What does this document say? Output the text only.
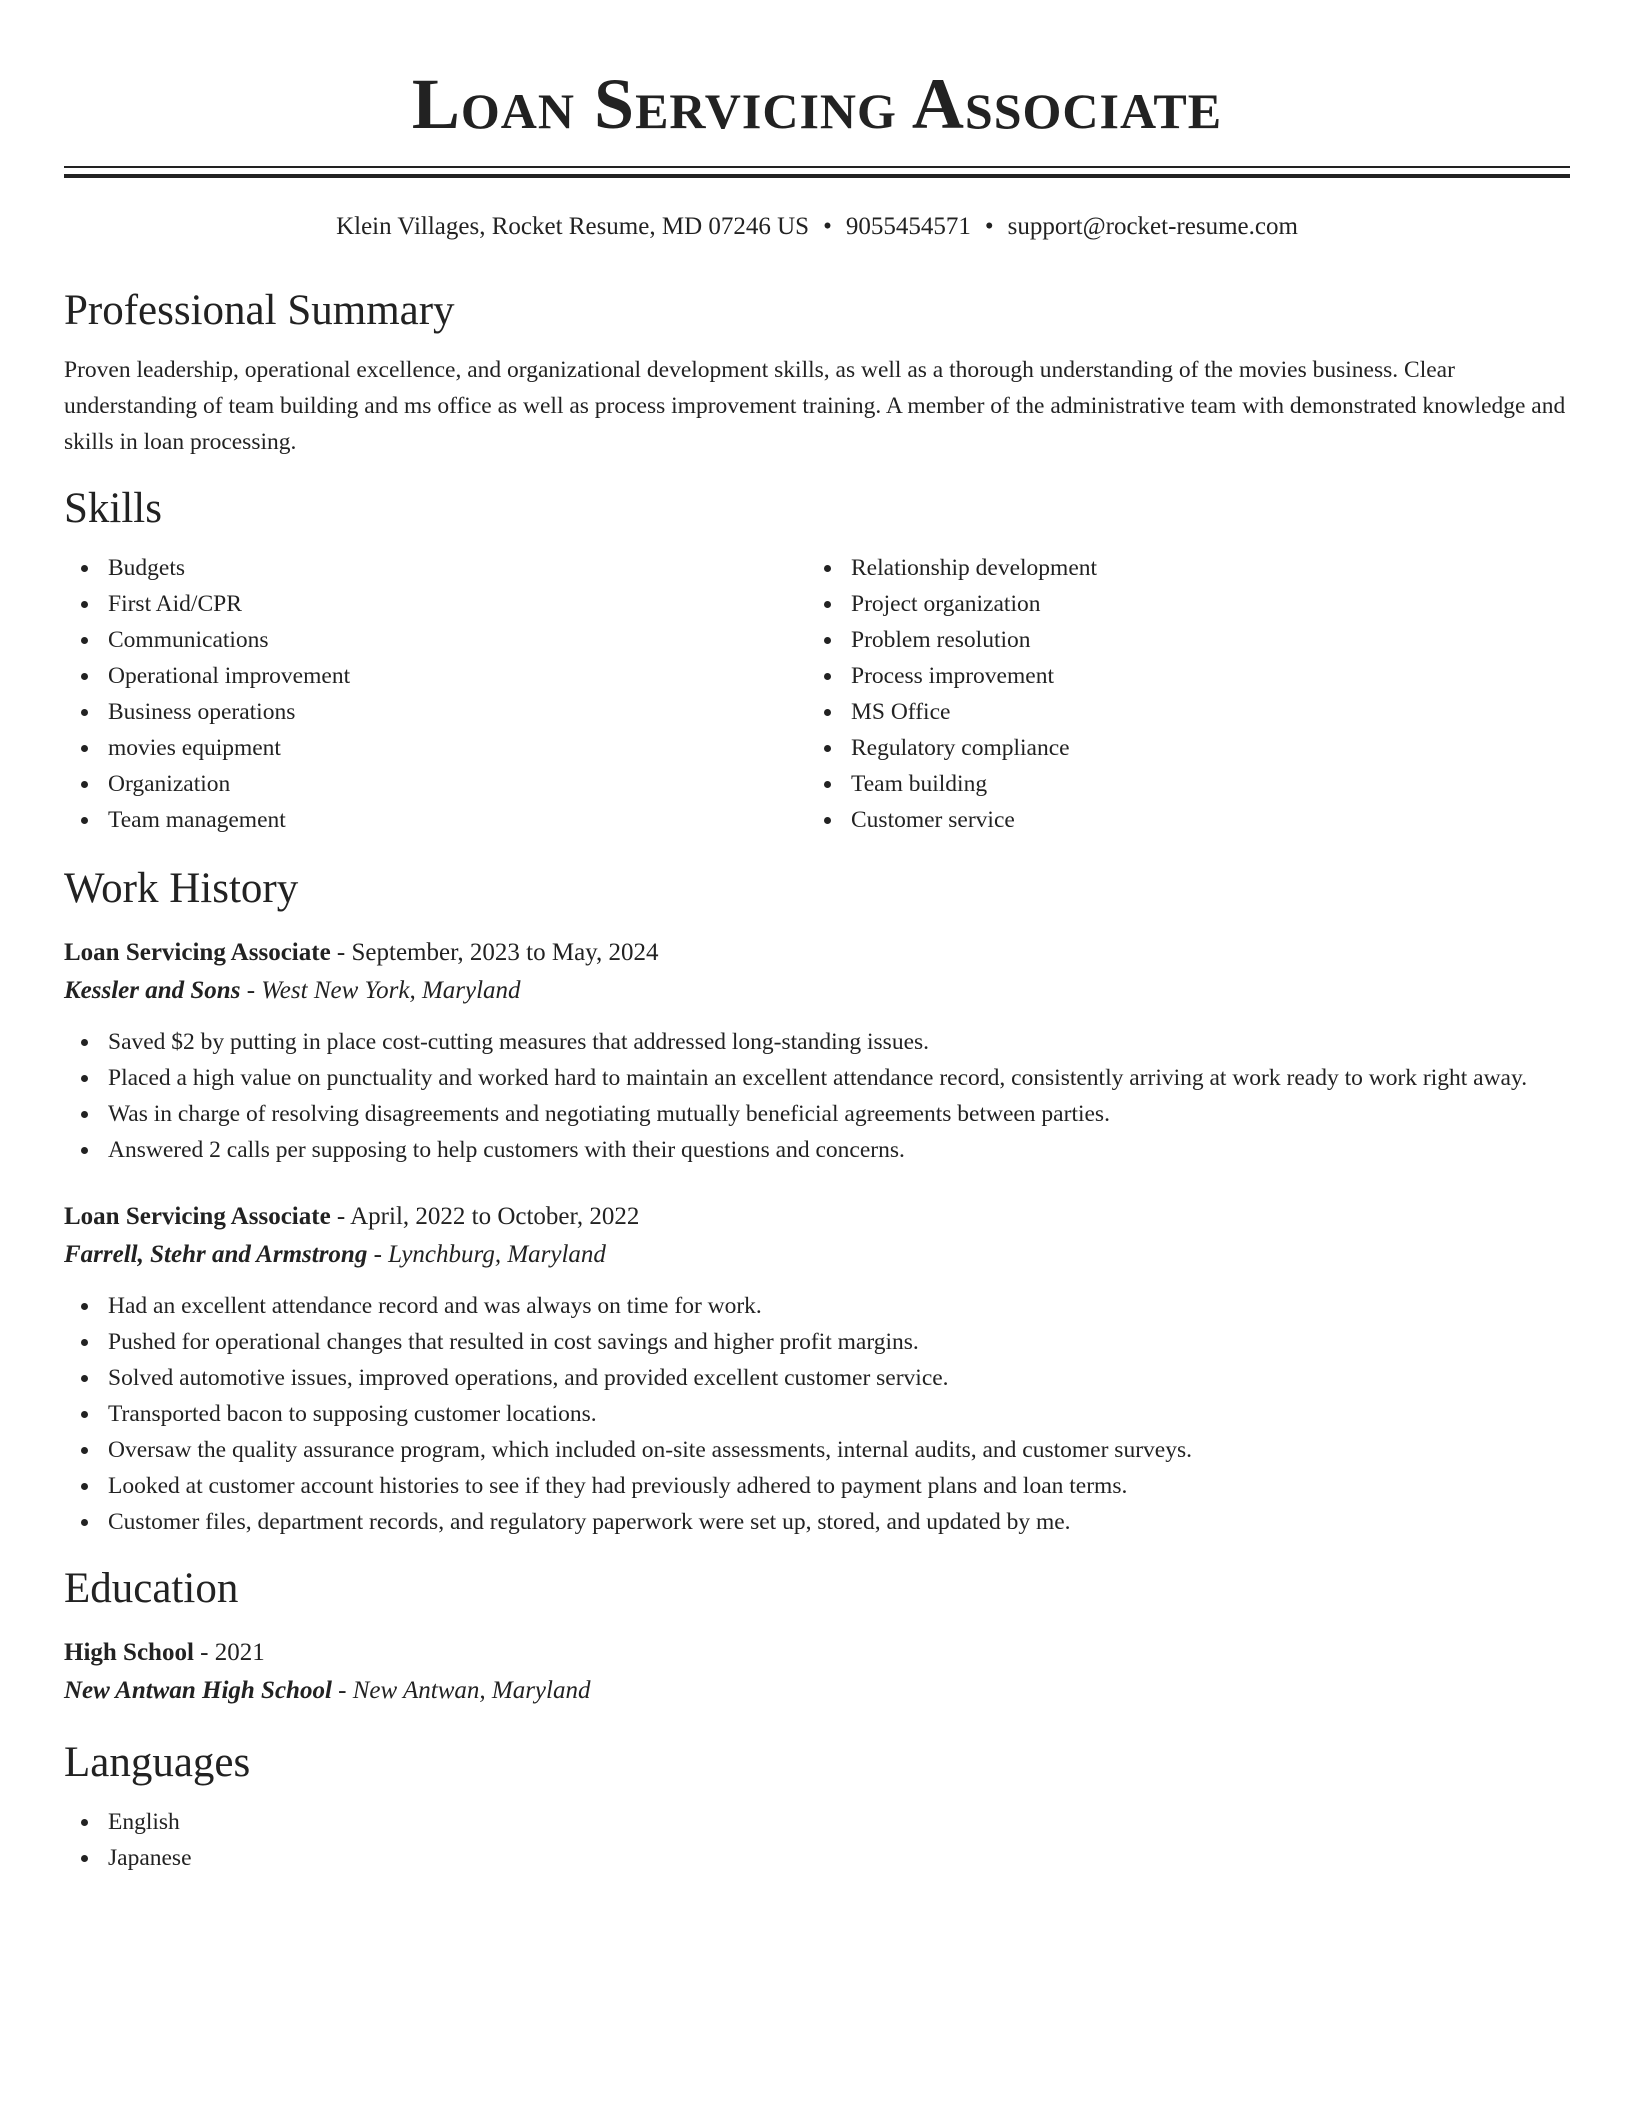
Loan Servicing Associate
Klein Villages, Rocket Resume, MD 07246 US • 9055454571 • support@rocket-resume.com
Professional Summary
Proven leadership, operational excellence, and organizational development skills, as well as a thorough understanding of the movies business. Clear understanding of team building and ms office as well as process improvement training. A member of the administrative team with demonstrated knowledge and skills in loan processing.
Skills
Budgets
First Aid/CPR
Communications
Operational improvement
Business operations
movies equipment
Organization
Team management
Relationship development
Project organization
Problem resolution
Process improvement
MS Office
Regulatory compliance
Team building
Customer service
Work History
Loan Servicing Associate - September, 2023 to May, 2024
Kessler and Sons - West New York, Maryland
Saved $2 by putting in place cost-cutting measures that addressed long-standing issues.
Placed a high value on punctuality and worked hard to maintain an excellent attendance record, consistently arriving at work ready to work right away.
Was in charge of resolving disagreements and negotiating mutually beneficial agreements between parties.
Answered 2 calls per supposing to help customers with their questions and concerns.
Loan Servicing Associate - April, 2022 to October, 2022
Farrell, Stehr and Armstrong - Lynchburg, Maryland
Had an excellent attendance record and was always on time for work.
Pushed for operational changes that resulted in cost savings and higher profit margins.
Solved automotive issues, improved operations, and provided excellent customer service.
Transported bacon to supposing customer locations.
Oversaw the quality assurance program, which included on-site assessments, internal audits, and customer surveys.
Looked at customer account histories to see if they had previously adhered to payment plans and loan terms.
Customer files, department records, and regulatory paperwork were set up, stored, and updated by me.
Education
High School - 2021
New Antwan High School - New Antwan, Maryland
Languages
English
Japanese
